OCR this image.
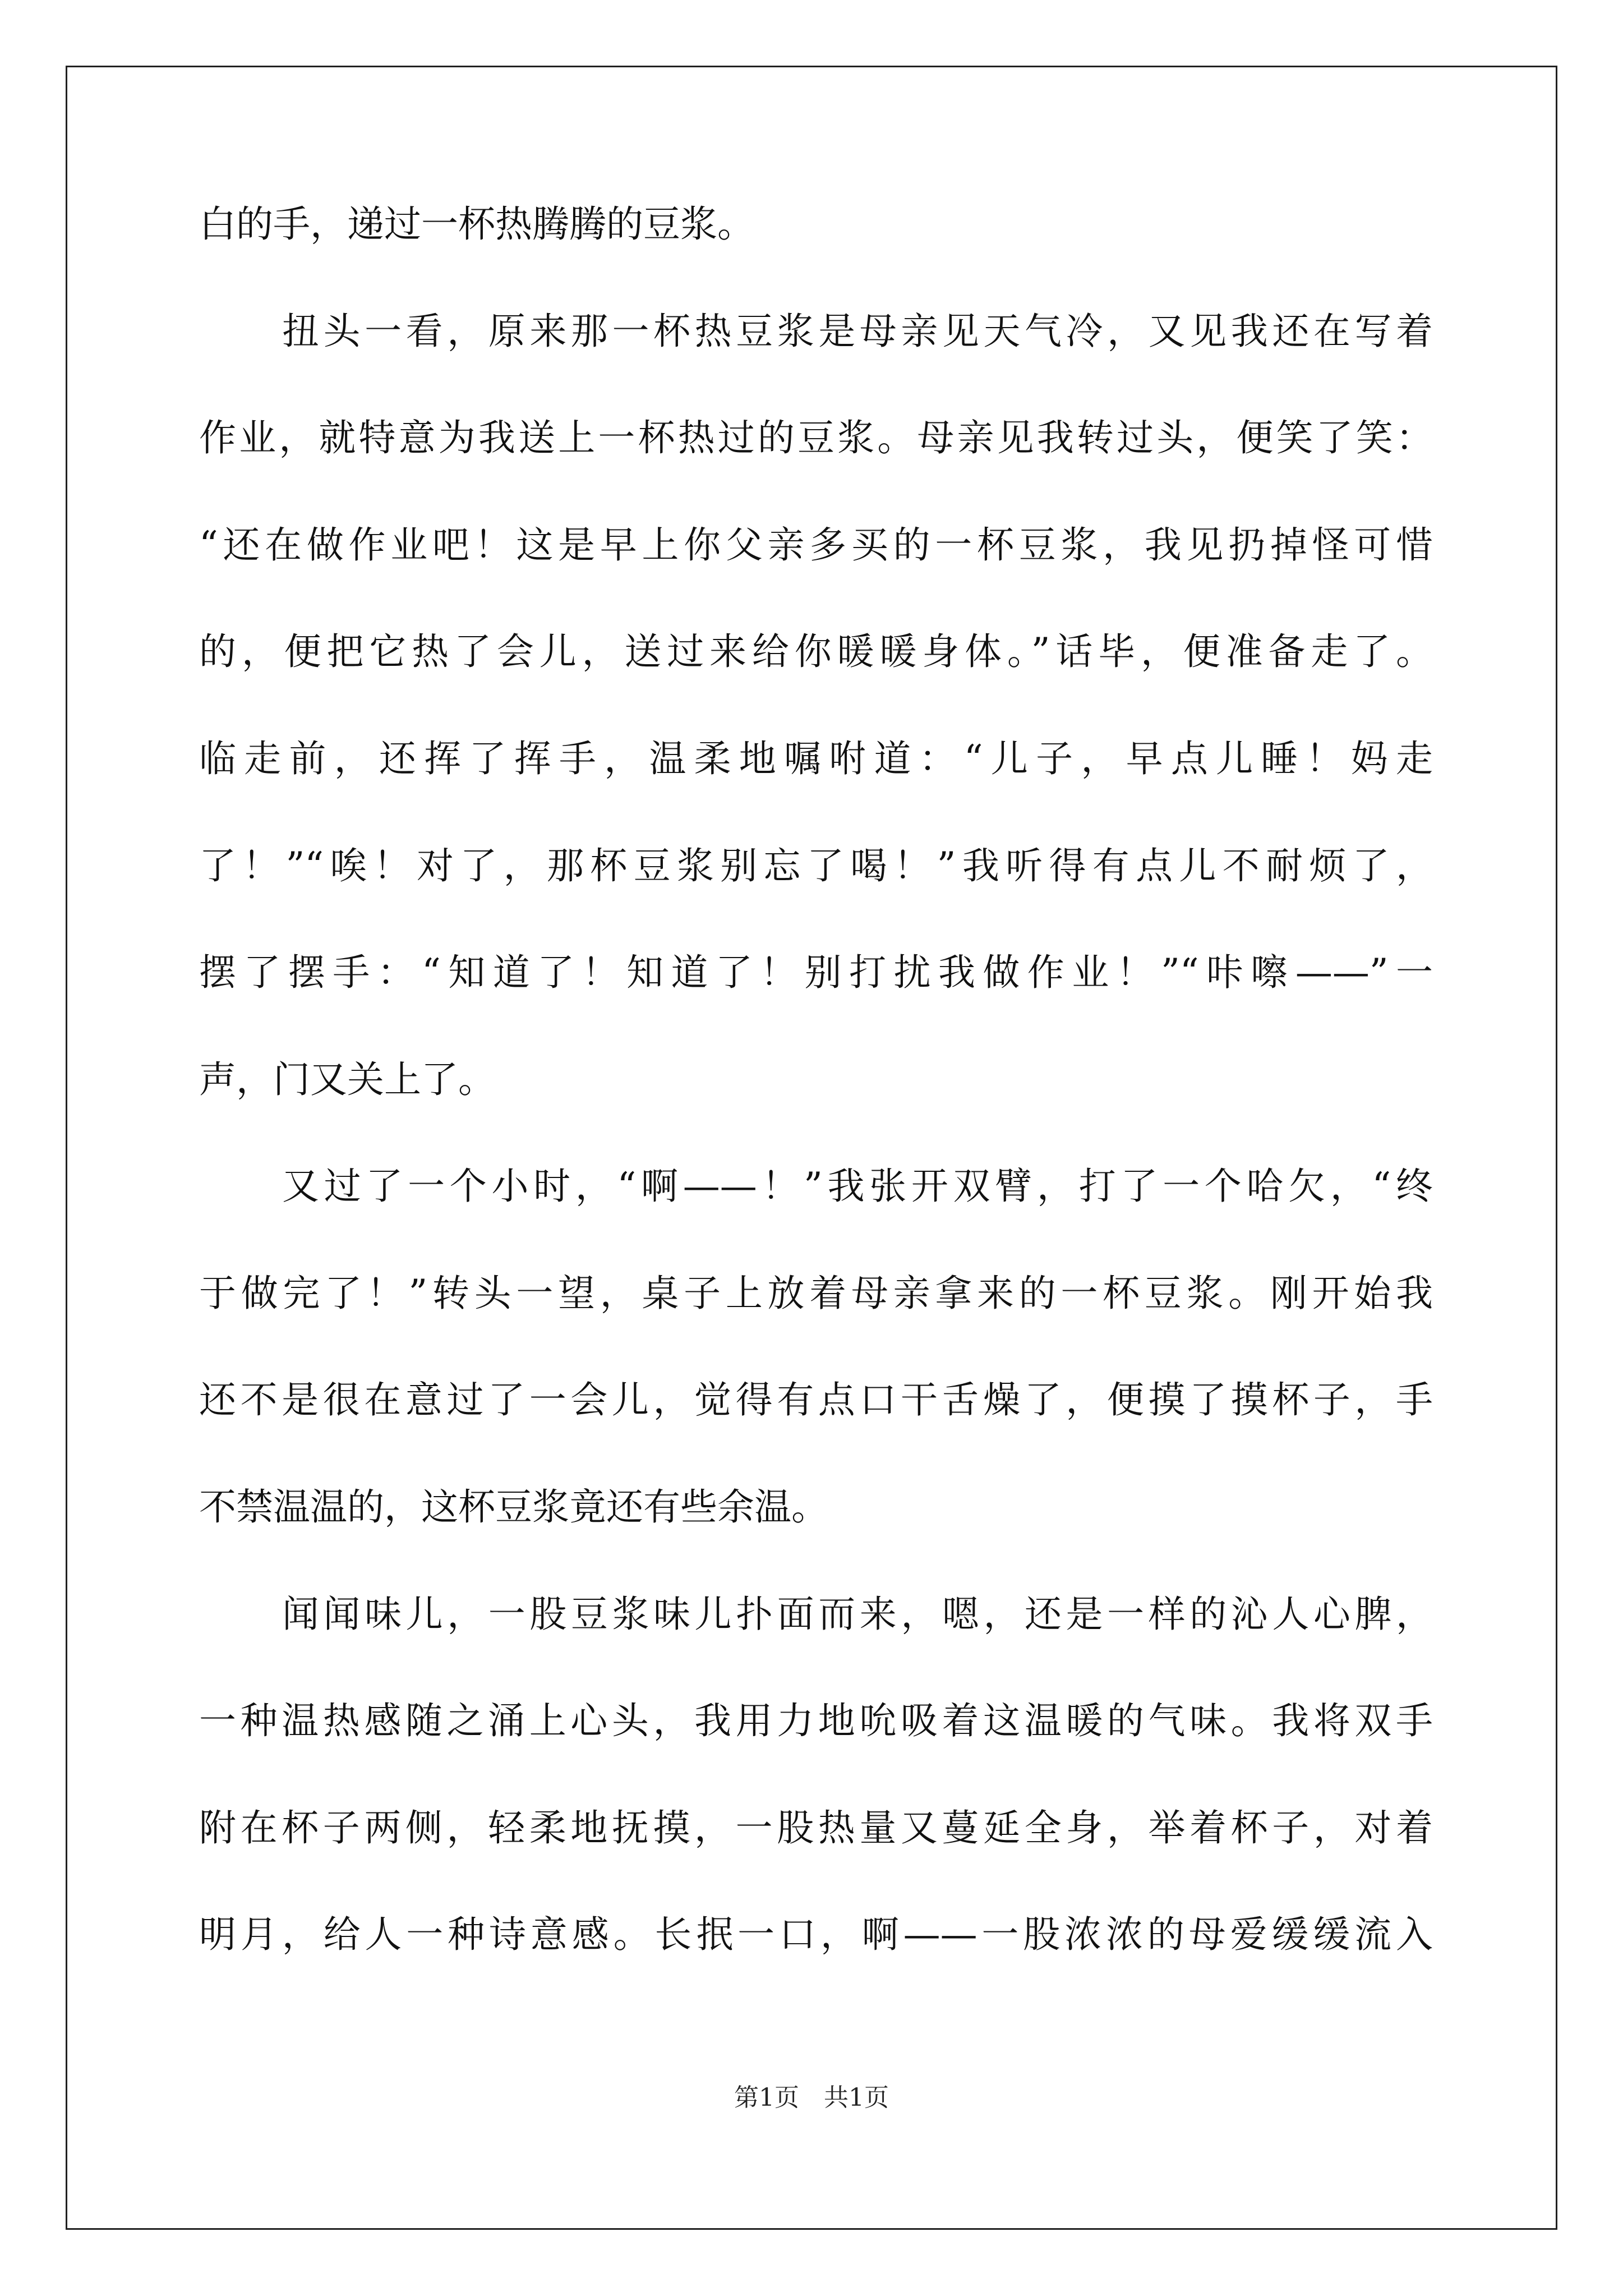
白的手，递过一杯热腾腾的豆浆。
扭头一看，原来那一杯热豆浆是母亲见天气冷，又见我还在写着
作业，就特意为我送上一杯热过的豆浆。母亲见我转过头，便笑了笑：
“还在做作业吧！这是早上你父亲多买的一杯豆浆，我见扔掉怪可惜
的，便把它热了会儿，送过来给你暖暖身体。”话毕，便准备走了。
临走前，还挥了挥手，温柔地嘱咐道：“儿子，早点儿睡！妈走
了！”“唉！对了，那杯豆浆别忘了喝！”我听得有点儿不耐烦了，
摆了摆手：“知道了！知道了！别打扰我做作业！”“咔嚓——”一
声，门又关上了。
又过了一个小时，“啊——！”我张开双臂，打了一个哈欠，“终
于做完了！”转头一望，桌子上放着母亲拿来的一杯豆浆。刚开始我
还不是很在意过了一会儿，觉得有点口干舌燥了，便摸了摸杯子，手
不禁温温的，这杯豆浆竟还有些余温。
闻闻味儿，一股豆浆味儿扑面而来，嗯，还是一样的沁人心脾，
一种温热感随之涌上心头，我用力地吮吸着这温暖的气味。我将双手
附在杯子两侧，轻柔地抚摸，一股热量又蔓延全身，举着杯子，对着
明月，给人一种诗意感。长抿一口，啊——一股浓浓的母爱缓缓流入
第1页　共1页
